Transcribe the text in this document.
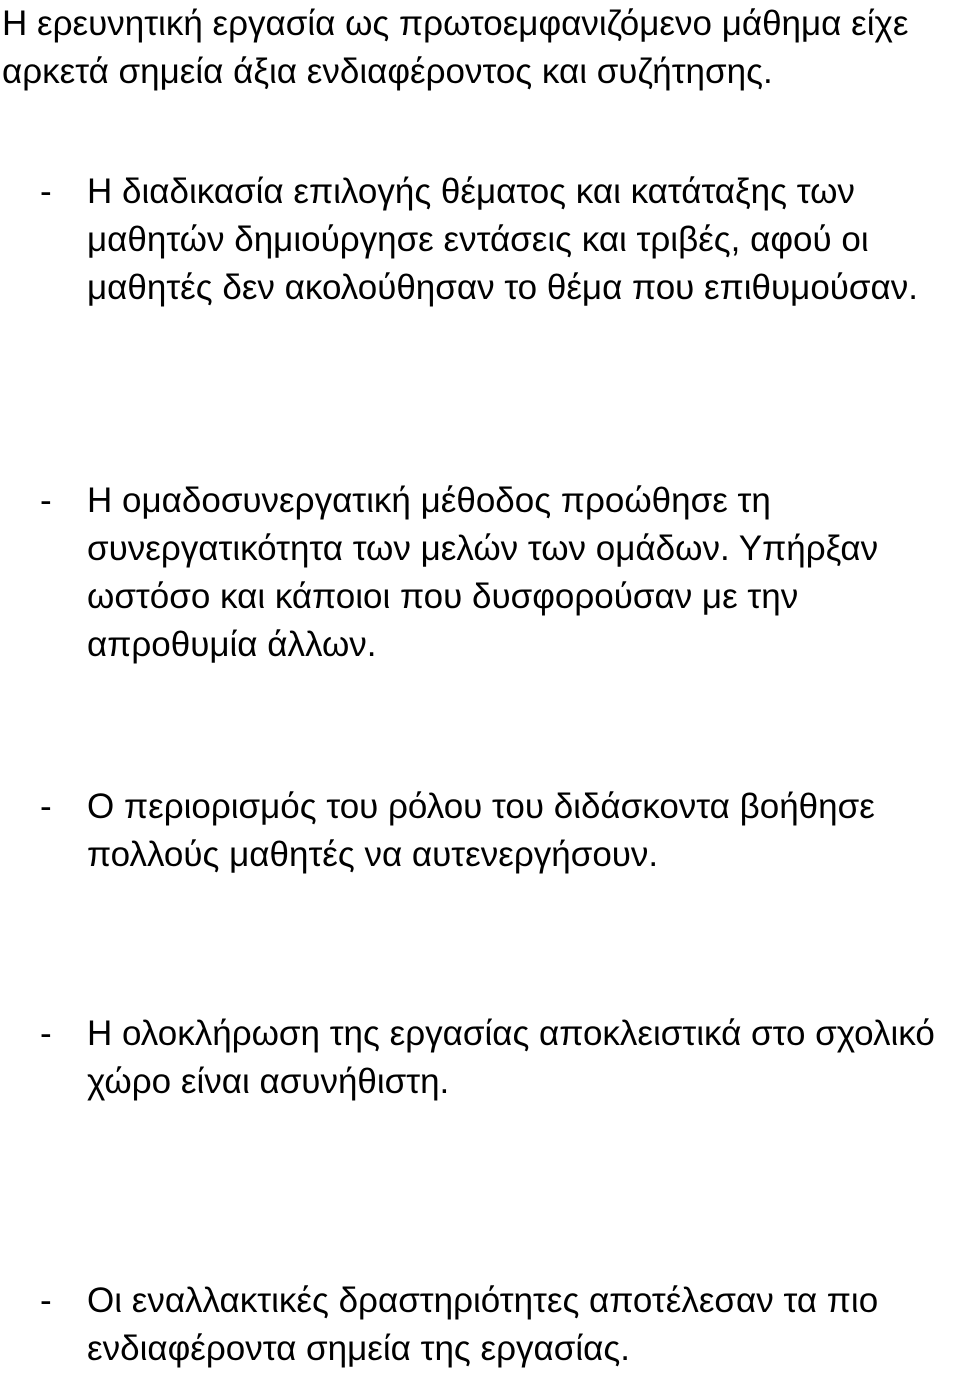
Η ερευνητική εργασία ως πρωτοεμφανιζόμενο μάθημα είχε αρκετά σημεία άξια ενδιαφέροντος και συζήτησης.

- Η διαδικασία επιλογής θέματος και κατάταξης των μαθητών δημιούργησε εντάσεις και τριβές, αφού οι μαθητές δεν ακολούθησαν το θέμα που επιθυμούσαν.
- Η ομαδοσυνεργατική μέθοδος προώθησε τη συνεργατικότητα των μελών των ομάδων. Υπήρξαν ωστόσο και κάποιοι που δυσφορούσαν με την απροθυμία άλλων.
- Ο περιορισμός του ρόλου του διδάσκοντα βοήθησε πολλούς μαθητές να αυτενεργήσουν.
- Η ολοκλήρωση της εργασίας αποκλειστικά στο σχολικό χώρο είναι ασυνήθιστη.
- Οι εναλλακτικές δραστηριότητες αποτέλεσαν τα πιο ενδιαφέροντα σημεία της εργασίας.
